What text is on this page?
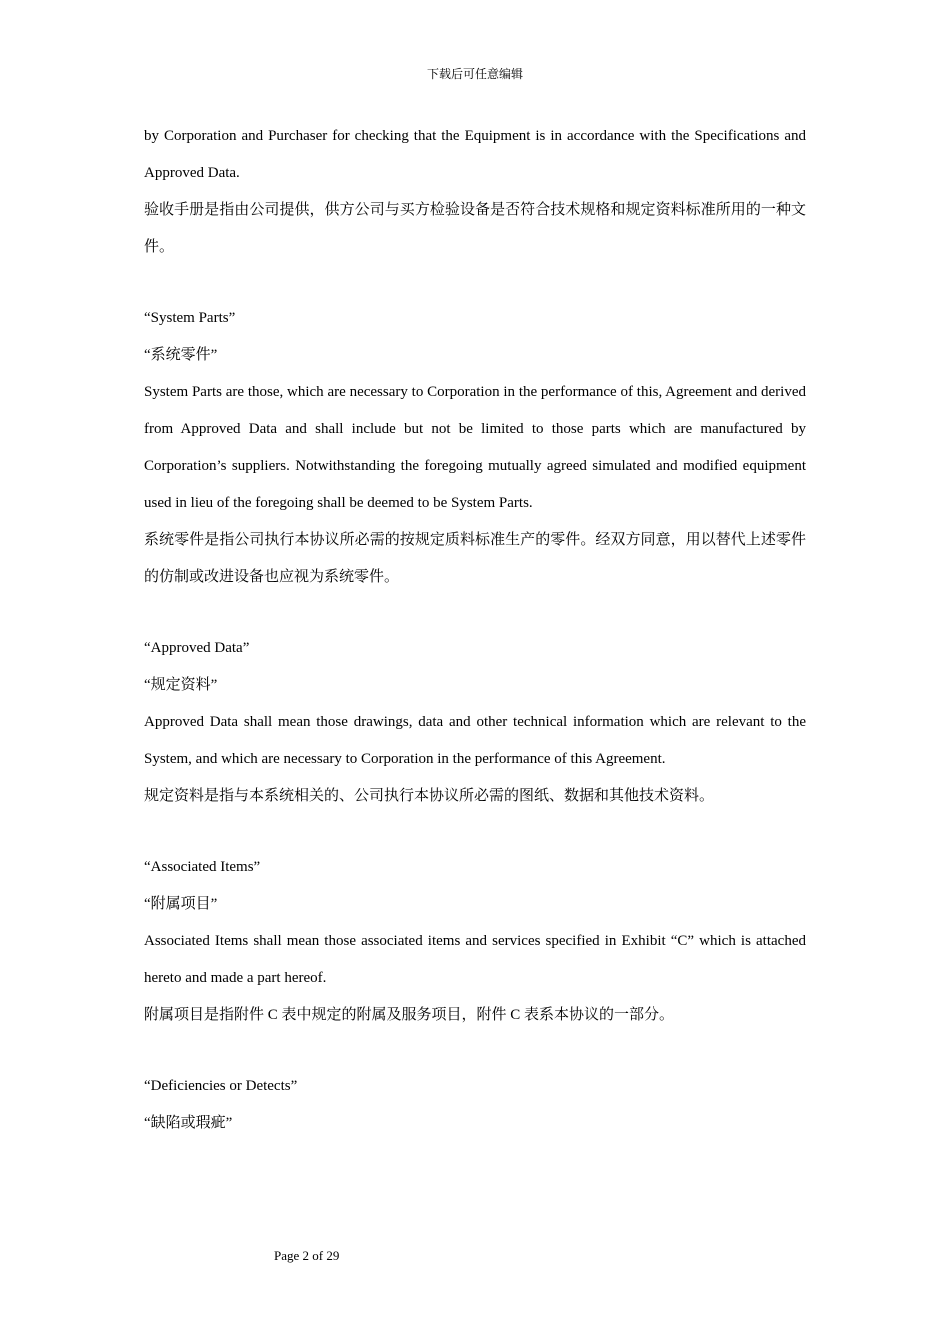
下载后可任意编辑

by Corporation and Purchaser for checking that the Equipment is in accordance with the Specifications and Approved Data.

验收手册是指由公司提供，供方公司与买方检验设备是否符合技术规格和规定资料标准所用的一种文件。

“System Parts”

“系统零件”

System Parts are those, which are necessary to Corporation in the performance of this, Agreement and derived from Approved Data and shall include but not be limited to those parts which are manufactured by Corporation’s suppliers. Notwithstanding the foregoing mutually agreed simulated and modified equipment used in lieu of the foregoing shall be deemed to be System Parts.

系统零件是指公司执行本协议所必需的按规定质料标准生产的零件。经双方同意，用以替代上述零件的仿制或改进设备也应视为系统零件。

“Approved Data”

“规定资料”

Approved Data shall mean those drawings, data and other technical information which are relevant to the System, and which are necessary to Corporation in the performance of this Agreement.

规定资料是指与本系统相关的、公司执行本协议所必需的图纸、数据和其他技术资料。

“Associated Items”

“附属项目”

Associated Items shall mean those associated items and services specified in Exhibit “C” which is attached hereto and made a part hereof.

附属项目是指附件 C 表中规定的附属及服务项目，附件 C 表系本协议的一部分。

“Deficiencies or Detects”

“缺陷或瑕疵”

Page 2 of 29
